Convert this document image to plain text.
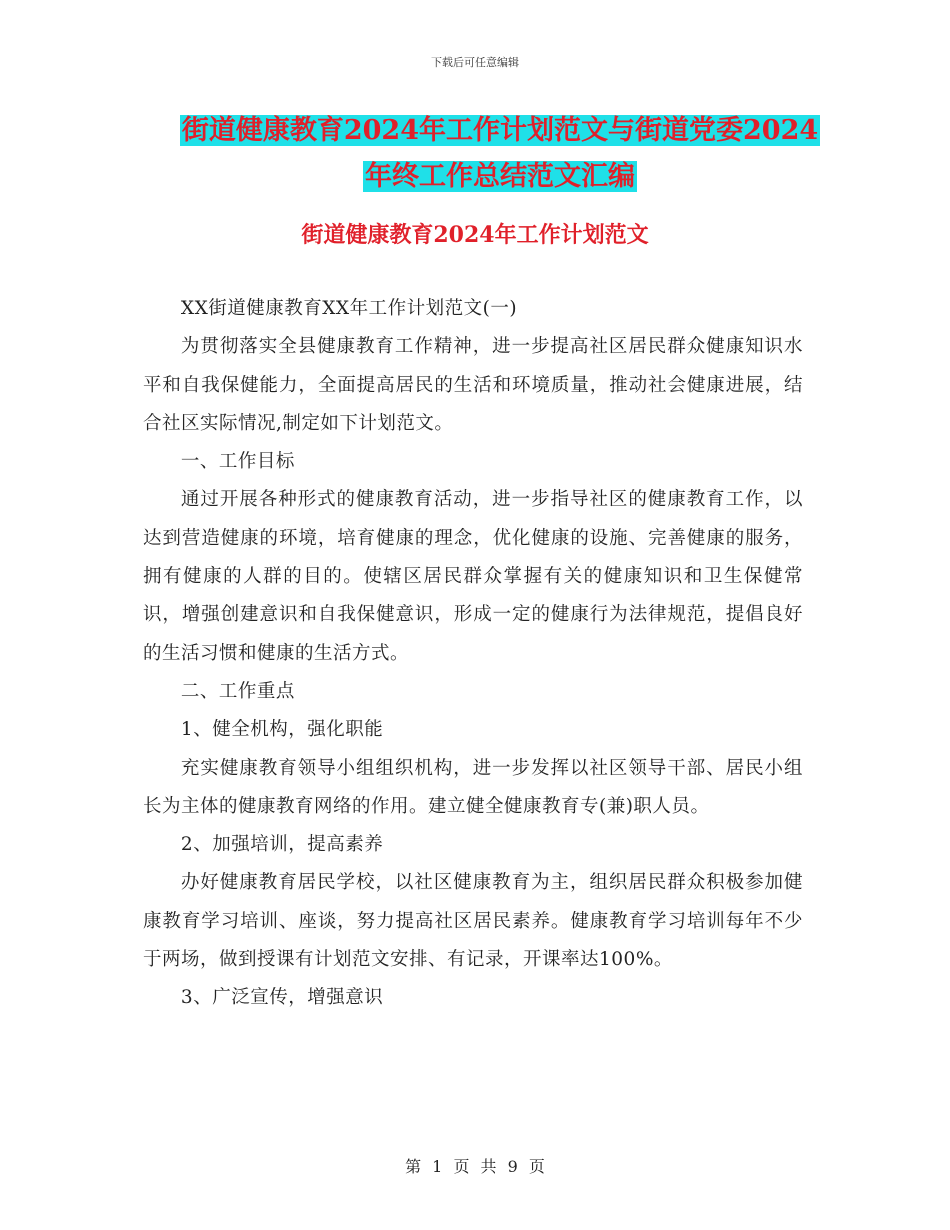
下载后可任意编辑
街道健康教育2024年工作计划范文与街道党委2024
年终工作总结范文汇编
街道健康教育2024年工作计划范文

XX街道健康教育XX年工作计划范文(一)

为贯彻落实全县健康教育工作精神，进一步提高社区居民群众健康知识水平和自我保健能力，全面提高居民的生活和环境质量，推动社会健康进展，结合社区实际情况,制定如下计划范文。

一、工作目标

通过开展各种形式的健康教育活动，进一步指导社区的健康教育工作，以达到营造健康的环境，培育健康的理念，优化健康的设施、完善健康的服务，拥有健康的人群的目的。使辖区居民群众掌握有关的健康知识和卫生保健常识，增强创建意识和自我保健意识，形成一定的健康行为法律规范，提倡良好的生活习惯和健康的生活方式。

二、工作重点

1、健全机构，强化职能

充实健康教育领导小组组织机构，进一步发挥以社区领导干部、居民小组长为主体的健康教育网络的作用。建立健全健康教育专(兼)职人员。

2、加强培训，提高素养

办好健康教育居民学校，以社区健康教育为主，组织居民群众积极参加健康教育学习培训、座谈，努力提高社区居民素养。健康教育学习培训每年不少于两场，做到授课有计划范文安排、有记录，开课率达100%。

3、广泛宣传，增强意识

第 1 页 共 9 页
